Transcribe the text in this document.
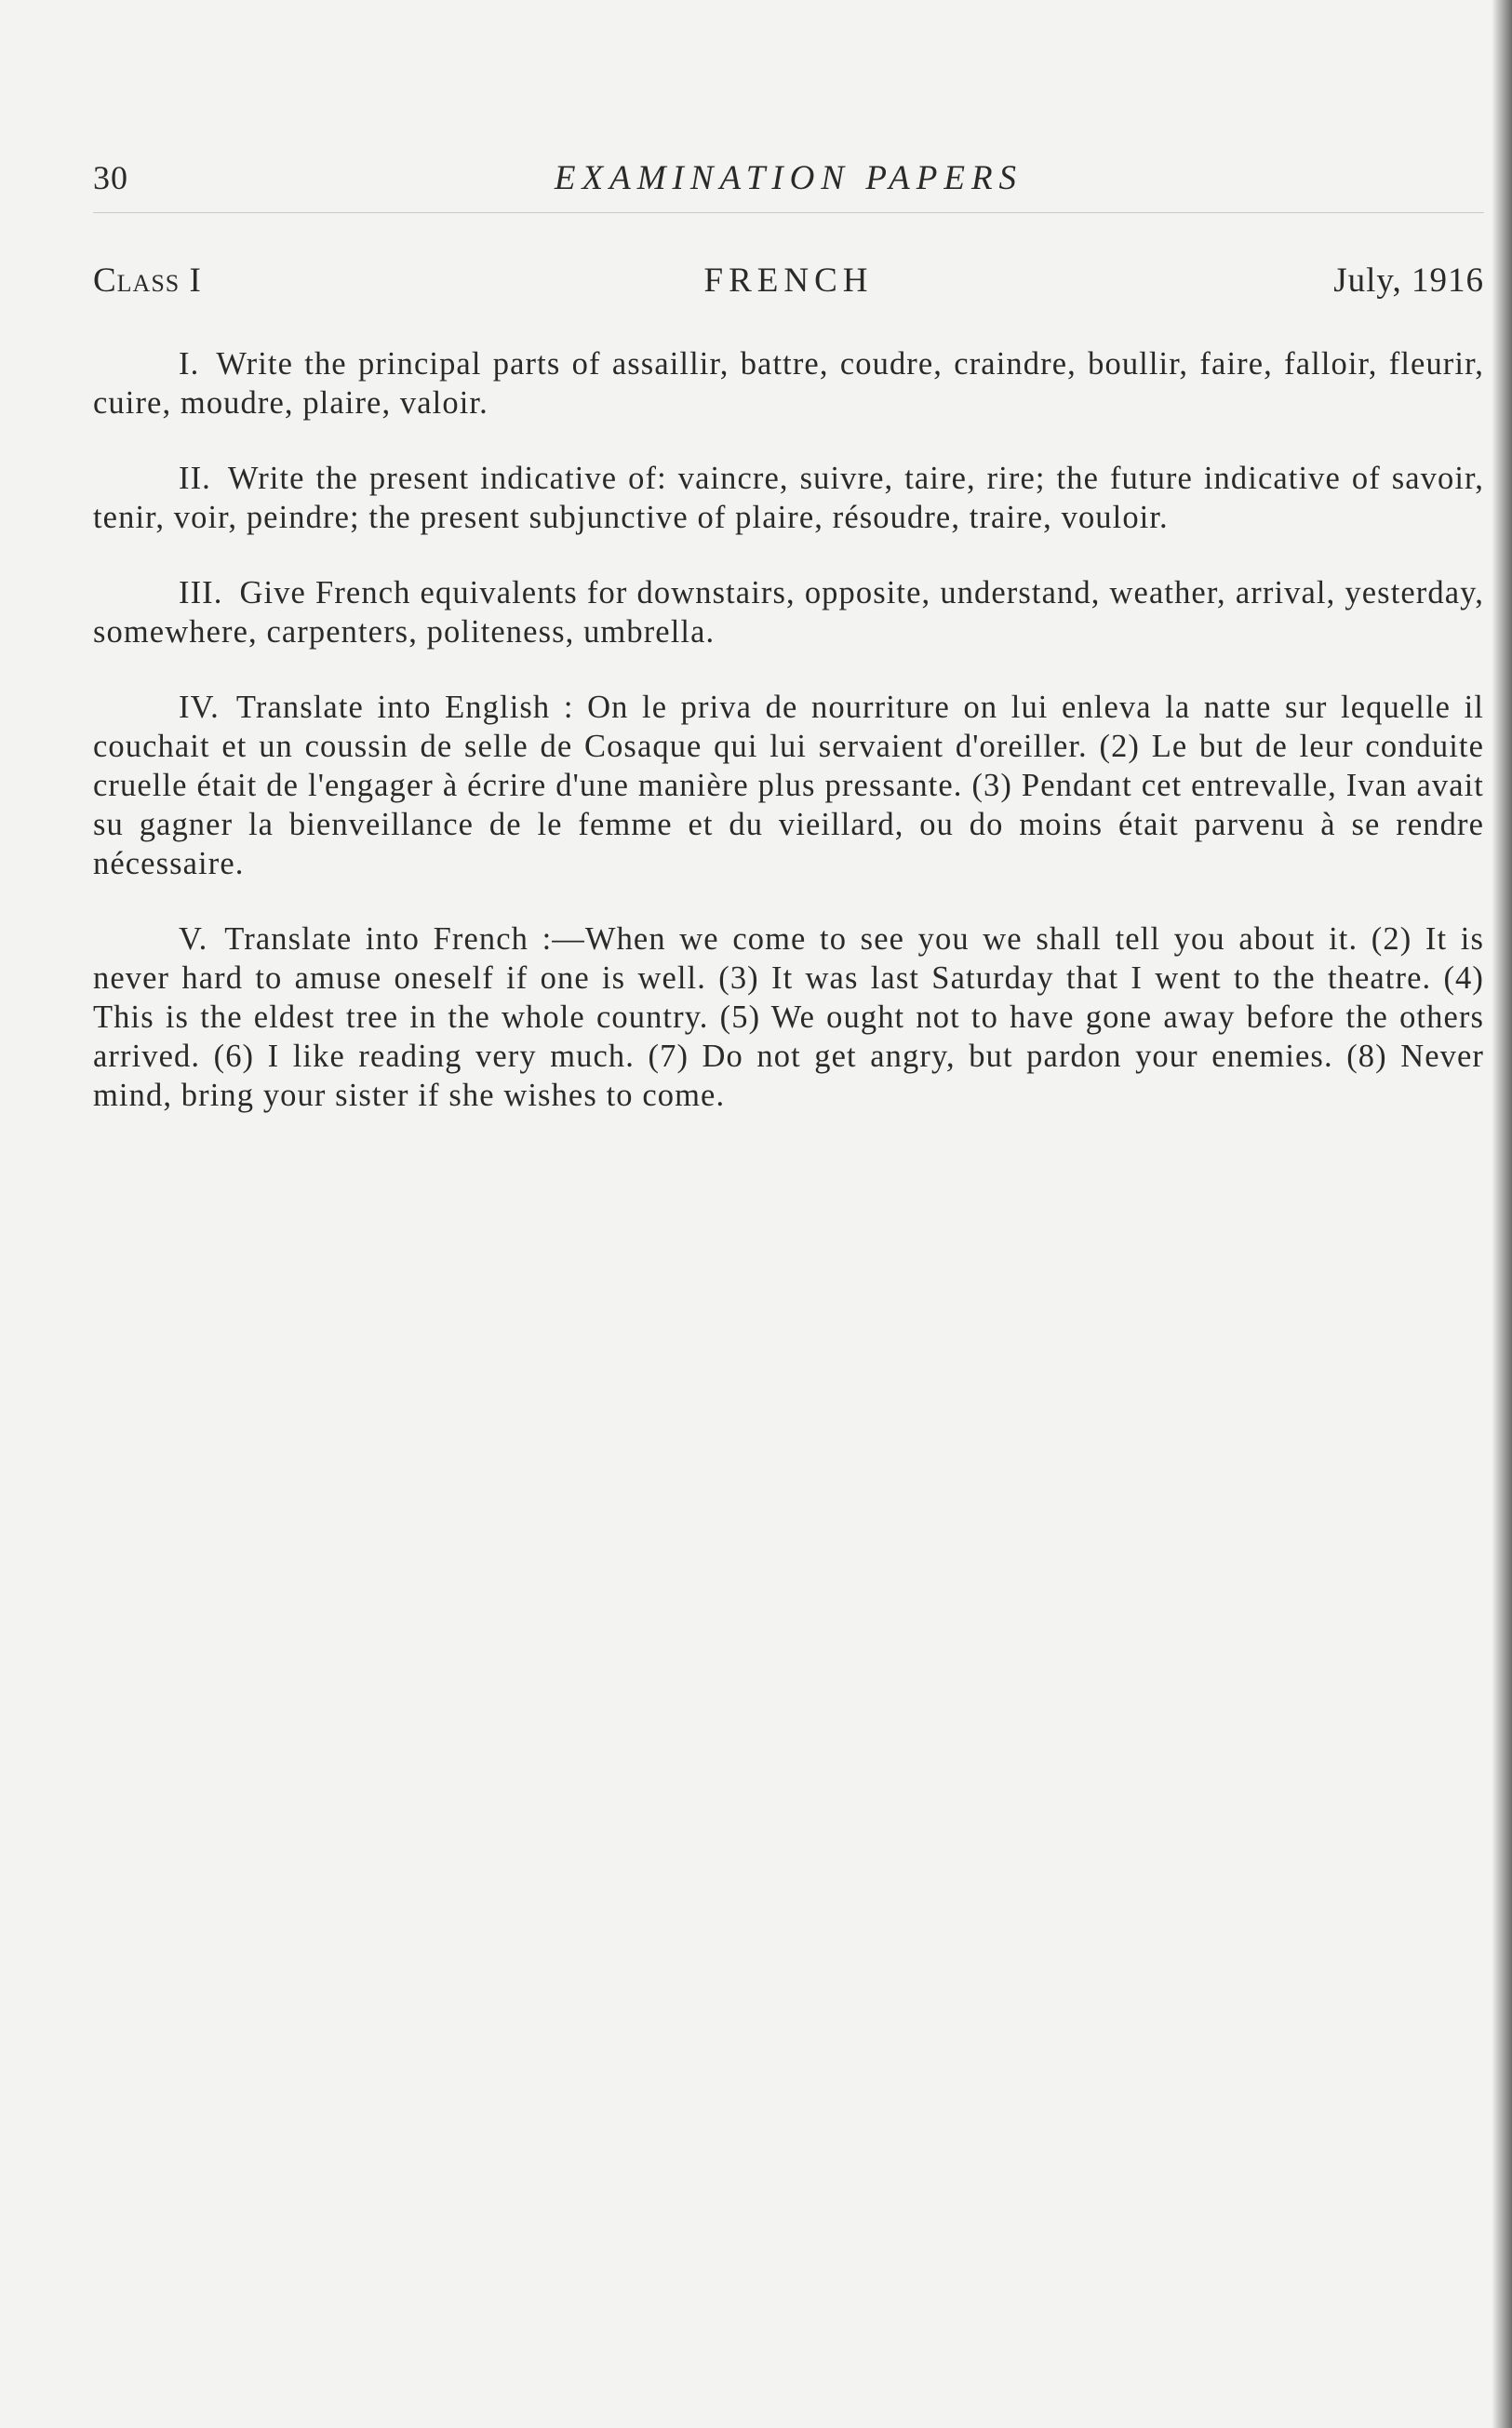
30	EXAMINATION PAPERS
Class I	FRENCH	July, 1916

I. Write the principal parts of assaillir, battre, coudre, craindre, boullir, faire, falloir, fleurir, cuire, moudre, plaire, valoir.

II. Write the present indicative of: vaincre, suivre, taire, rire; the future indicative of savoir, tenir, voir, peindre; the present subjunctive of plaire, résoudre, traire, vouloir.

III. Give French equivalents for downstairs, opposite, understand, weather, arrival, yesterday, somewhere, carpenters, politeness, umbrella.

IV. Translate into English : On le priva de nourriture on lui enleva la natte sur lequelle il couchait et un coussin de selle de Cosaque qui lui servaient d'oreiller. (2) Le but de leur conduite cruelle était de l'engager à écrire d'une manière plus pressante. (3) Pendant cet entrevalle, Ivan avait su gagner la bienveillance de le femme et du vieillard, ou do moins était parvenu à se rendre nécessaire.

V. Translate into French :—When we come to see you we shall tell you about it. (2) It is never hard to amuse oneself if one is well. (3) It was last Saturday that I went to the theatre. (4) This is the eldest tree in the whole country. (5) We ought not to have gone away before the others arrived. (6) I like reading very much. (7) Do not get angry, but pardon your enemies. (8) Never mind, bring your sister if she wishes to come.
